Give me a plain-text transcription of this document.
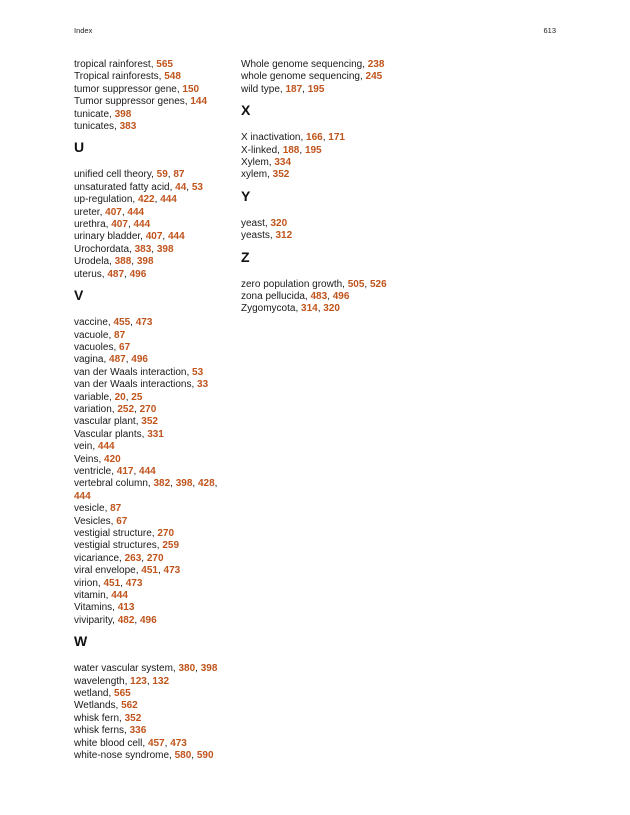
Index	613
tropical rainforest, 565
Tropical rainforests, 548
tumor suppressor gene, 150
Tumor suppressor genes, 144
tunicate, 398
tunicates, 383
U
unified cell theory, 59, 87
unsaturated fatty acid, 44, 53
up-regulation, 422, 444
ureter, 407, 444
urethra, 407, 444
urinary bladder, 407, 444
Urochordata, 383, 398
Urodela, 388, 398
uterus, 487, 496
V
vaccine, 455, 473
vacuole, 87
vacuoles, 67
vagina, 487, 496
van der Waals interaction, 53
van der Waals interactions, 33
variable, 20, 25
variation, 252, 270
vascular plant, 352
Vascular plants, 331
vein, 444
Veins, 420
ventricle, 417, 444
vertebral column, 382, 398, 428, 444
vesicle, 87
Vesicles, 67
vestigial structure, 270
vestigial structures, 259
vicariance, 263, 270
viral envelope, 451, 473
virion, 451, 473
vitamin, 444
Vitamins, 413
viviparity, 482, 496
W
water vascular system, 380, 398
wavelength, 123, 132
wetland, 565
Wetlands, 562
whisk fern, 352
whisk ferns, 336
white blood cell, 457, 473
white-nose syndrome, 580, 590
Whole genome sequencing, 238
whole genome sequencing, 245
wild type, 187, 195
X
X inactivation, 166, 171
X-linked, 188, 195
Xylem, 334
xylem, 352
Y
yeast, 320
yeasts, 312
Z
zero population growth, 505, 526
zona pellucida, 483, 496
Zygomycota, 314, 320
